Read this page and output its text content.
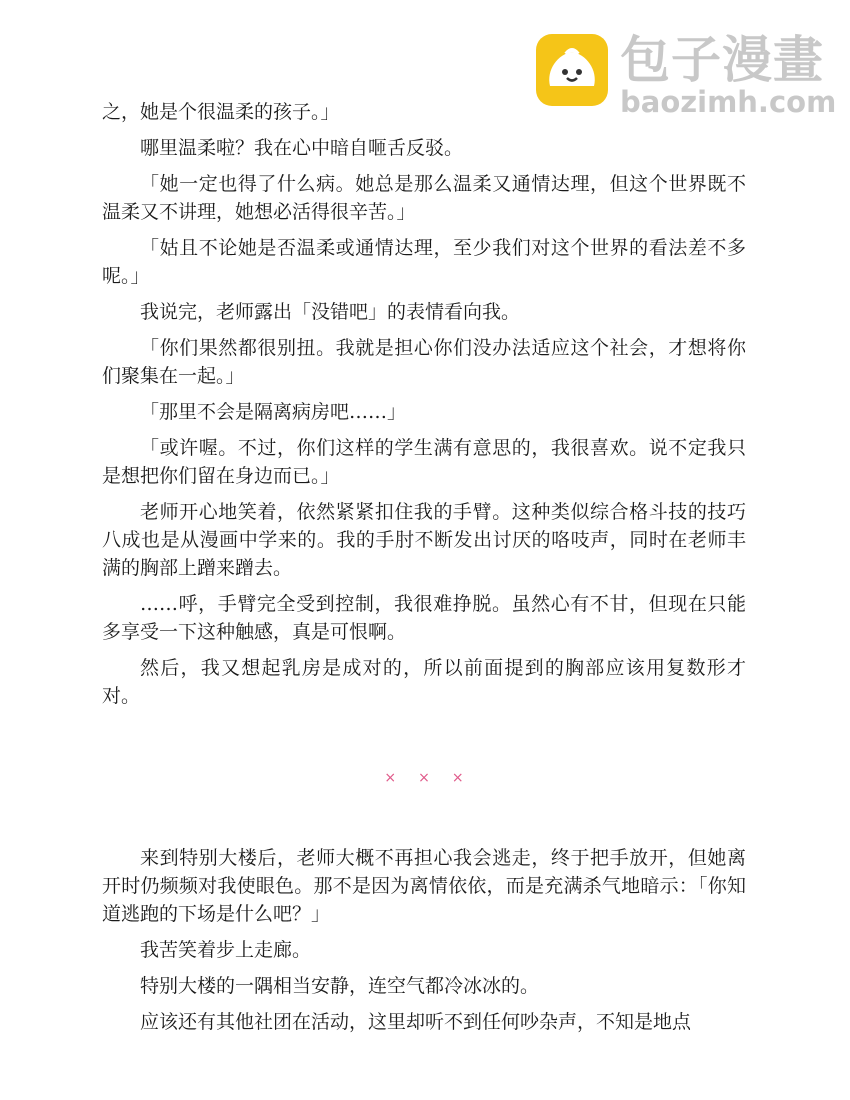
包子漫畫
baozimh.com

之，她是个很温柔的孩子。」

哪里温柔啦？我在心中暗自咂舌反驳。

「她一定也得了什么病。她总是那么温柔又通情达理，但这个世界既不温柔又不讲理，她想必活得很辛苦。」

「姑且不论她是否温柔或通情达理，至少我们对这个世界的看法差不多呢。」

我说完，老师露出「没错吧」的表情看向我。

「你们果然都很别扭。我就是担心你们没办法适应这个社会，才想将你们聚集在一起。」

「那里不会是隔离病房吧……」

「或许喔。不过，你们这样的学生满有意思的，我很喜欢。说不定我只是想把你们留在身边而已。」

老师开心地笑着，依然紧紧扣住我的手臂。这种类似综合格斗技的技巧八成也是从漫画中学来的。我的手肘不断发出讨厌的咯吱声，同时在老师丰满的胸部上蹭来蹭去。

……呼，手臂完全受到控制，我很难挣脱。虽然心有不甘，但现在只能多享受一下这种触感，真是可恨啊。

然后，我又想起乳房是成对的，所以前面提到的胸部应该用复数形才对。

× × ×

来到特别大楼后，老师大概不再担心我会逃走，终于把手放开，但她离开时仍频频对我使眼色。那不是因为离情依依，而是充满杀气地暗示：「你知道逃跑的下场是什么吧？」

我苦笑着步上走廊。

特别大楼的一隅相当安静，连空气都冷冰冰的。

应该还有其他社团在活动，这里却听不到任何吵杂声，不知是地点
